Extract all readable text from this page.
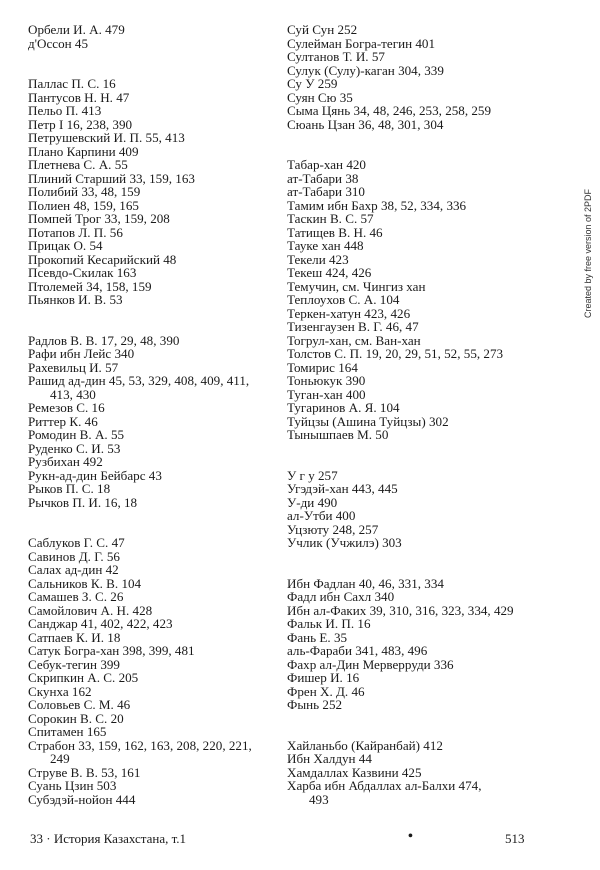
Орбели И. А. 479
д'Оссон 45
Паллас П. С. 16
Пантусов Н. Н. 47
Пельо П. 413
Петр I 16, 238, 390
Петрушевский И. П. 55, 413
Плано Карпини 409
Плетнева С. А. 55
Плиний Старший 33, 159, 163
Полибий 33, 48, 159
Полиен 48, 159, 165
Помпей Трог 33, 159, 208
Потапов Л. П. 56
Прицак О. 54
Прокопий Кесарийский 48
Псевдо-Скилак 163
Птолемей 34, 158, 159
Пьянков И. В. 53
Радлов В. В. 17, 29, 48, 390
Рафи ибн Лейс 340
Рахевильц И. 57
Рашид ад-дин 45, 53, 329, 408, 409, 411,
413, 430
Ремезов С. 16
Риттер К. 46
Ромодин В. А. 55
Руденко С. И. 53
Рузбихан 492
Рукн-ад-дин Бейбарс 43
Рыков П. С. 18
Рычков П. И. 16, 18
Саблуков Г. С. 47
Савинов Д. Г. 56
Салах ад-дин 42
Сальников К. В. 104
Самашев З. С. 26
Самойлович А. Н. 428
Санджар 41, 402, 422, 423
Сатпаев К. И. 18
Сатук Богра-хан 398, 399, 481
Себук-тегин 399
Скрипкин А. С. 205
Скунха 162
Соловьев С. М. 46
Сорокин В. С. 20
Спитамен 165
Страбон 33, 159, 162, 163, 208, 220, 221,
249
Струве В. В. 53, 161
Суань Цзин 503
Субэдэй-нойон 444
Суй Сун 252
Сулейман Богра-тегин 401
Султанов Т. И. 57
Сулук (Сулу)-каган 304, 339
Су У 259
Суян Сю 35
Сыма Цянь 34, 48, 246, 253, 258, 259
Сюань Цзан 36, 48, 301, 304
Табар-хан 420
ат-Табари 38
ат-Табари 310
Тамим ибн Бахр 38, 52, 334, 336
Таскин В. С. 57
Татищев В. Н. 46
Тауке хан 448
Текели 423
Текеш 424, 426
Темучин, см. Чингиз хан
Теплоухов С. А. 104
Теркен-хатун 423, 426
Тизенгаузен В. Г. 46, 47
Тогрул-хан, см. Ван-хан
Толстов С. П. 19, 20, 29, 51, 52, 55, 273
Томирис 164
Тоньюкук 390
Туган-хан 400
Тугаринов А. Я. 104
Туйцзы (Ашина Туйцзы) 302
Тынышпаев М. 50
У г у 257
Угэдэй-хан 443, 445
У-ди 490
ал-Утби 400
Уцзюту 248, 257
Учлик (Учжилэ) 303
Ибн Фадлан 40, 46, 331, 334
Фадл ибн Сахл 340
Ибн ал-Факих 39, 310, 316, 323, 334, 429
Фальк И. П. 16
Фань Е. 35
аль-Фараби 341, 483, 496
Фахр ал-Дин Мерверруди 336
Фишер И. 16
Френ Х. Д. 46
Фынь 252
Хайланьбо (Кайранбай) 412
Ибн Халдун 44
Хамдаллах Казвини 425
Харба ибн Абдаллах ал-Балхи 474,
493
33 · История Казахстана, т.1	•	513
Created by free version of 2PDF
